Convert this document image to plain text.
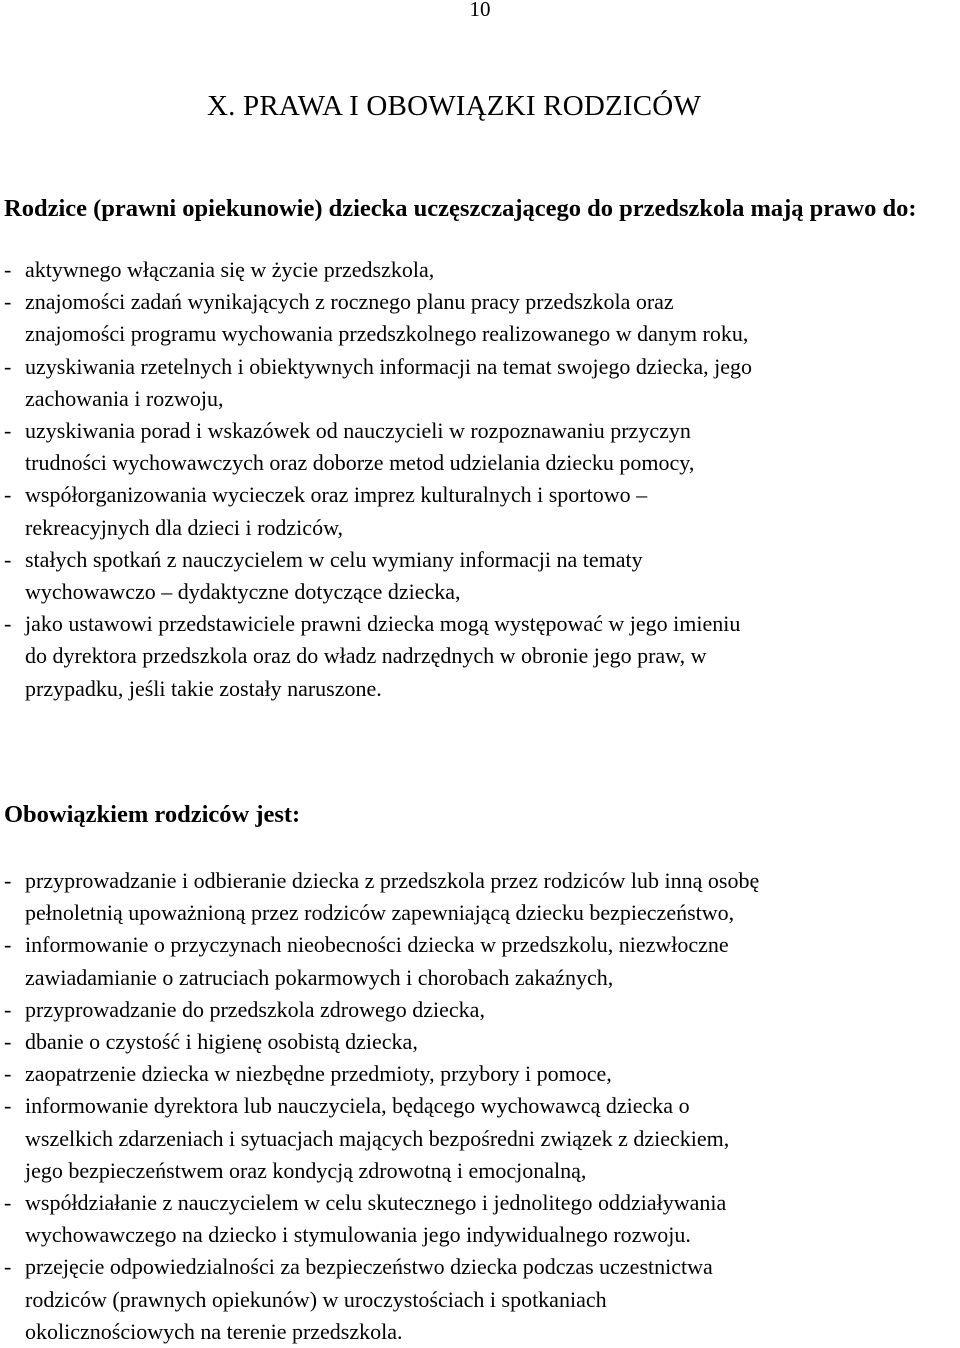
10
X. PRAWA I OBOWIĄZKI RODZICÓW

Rodzice (prawni opiekunowie) dziecka uczęszczającego do przedszkola mają prawo do:

- aktywnego włączania się w życie przedszkola,
- znajomości zadań wynikających z rocznego planu pracy przedszkola oraz
znajomości programu wychowania przedszkolnego realizowanego w danym roku,
- uzyskiwania rzetelnych i obiektywnych informacji na temat swojego dziecka, jego
zachowania i rozwoju,
- uzyskiwania porad i wskazówek od nauczycieli w rozpoznawaniu przyczyn
trudności wychowawczych oraz doborze metod udzielania dziecku pomocy,
- współorganizowania wycieczek oraz imprez kulturalnych i sportowo –
rekreacyjnych dla dzieci i rodziców,
- stałych spotkań z nauczycielem w celu wymiany informacji na tematy
wychowawczo – dydaktyczne dotyczące dziecka,
- jako ustawowi przedstawiciele prawni dziecka mogą występować w jego imieniu
do dyrektora przedszkola oraz do władz nadrzędnych w obronie jego praw, w
przypadku, jeśli takie zostały naruszone.

Obowiązkiem rodziców jest:

- przyprowadzanie i odbieranie dziecka z przedszkola przez rodziców lub inną osobę
pełnoletnią upoważnioną przez rodziców zapewniającą dziecku bezpieczeństwo,
- informowanie o przyczynach nieobecności dziecka w przedszkolu, niezwłoczne
zawiadamianie o zatruciach pokarmowych i chorobach zakaźnych,
- przyprowadzanie do przedszkola zdrowego dziecka,
- dbanie o czystość i higienę osobistą dziecka,
- zaopatrzenie dziecka w niezbędne przedmioty, przybory i pomoce,
- informowanie dyrektora lub nauczyciela, będącego wychowawcą dziecka o
wszelkich zdarzeniach i sytuacjach mających bezpośredni związek z dzieckiem,
jego bezpieczeństwem oraz kondycją zdrowotną i emocjonalną,
- współdziałanie z nauczycielem w celu skutecznego i jednolitego oddziaływania
wychowawczego na dziecko i stymulowania jego indywidualnego rozwoju.
- przejęcie odpowiedzialności za bezpieczeństwo dziecka podczas uczestnictwa
rodziców (prawnych opiekunów) w uroczystościach i spotkaniach
okolicznościowych na terenie przedszkola.
